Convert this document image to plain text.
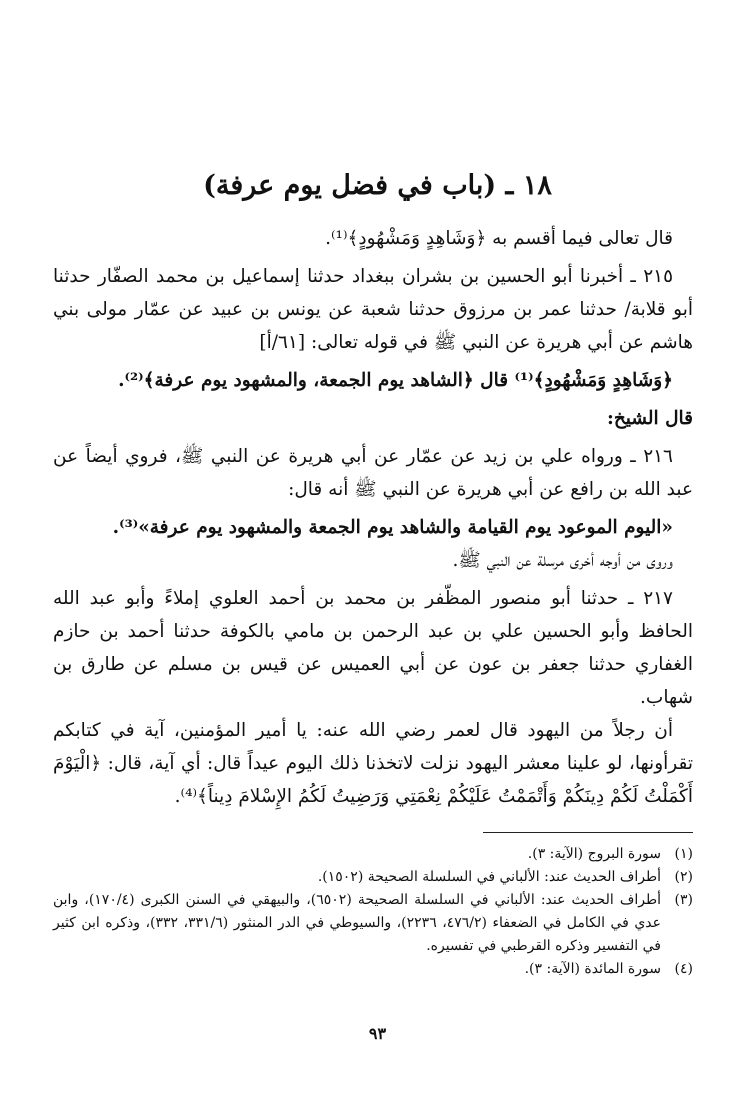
١٨ ـ (باب في فضل يوم عرفة)

قال تعالى فيما أقسم به ﴿وَشَاهِدٍ وَمَشْهُودٍ﴾⁽¹⁾.

٢١٥ ـ أخبرنا أبو الحسين بن بشران ببغداد حدثنا إسماعيل بن محمد الصفّار حدثنا أبو قلابة/ حدثنا عمر بن مرزوق حدثنا شعبة عن يونس بن عبيد عن عمّار مولى بني هاشم عن أبي هريرة عن النبي ﷺ في قوله تعالى: [٦١/أ]

﴿وَشَاهِدٍ وَمَشْهُودٍ﴾⁽¹⁾ قال ﴿الشاهد يوم الجمعة، والمشهود يوم عرفة﴾⁽²⁾.

قال الشيخ:

٢١٦ ـ ورواه علي بن زيد عن عمّار عن أبي هريرة عن النبي ﷺ، فروي أيضاً عن عبد الله بن رافع عن أبي هريرة عن النبي ﷺ أنه قال:

«اليوم الموعود يوم القيامة والشاهد يوم الجمعة والمشهود يوم عرفة»⁽³⁾.

وروى من أوجه أخرى مرسلة عن النبي ﷺ.

٢١٧ ـ حدثنا أبو منصور المظّفر بن محمد بن أحمد العلوي إملاءً وأبو عبد الله الحافظ وأبو الحسين علي بن عبد الرحمن بن مامي بالكوفة حدثنا أحمد بن حازم الغفاري حدثنا جعفر بن عون عن أبي العميس عن قيس بن مسلم عن طارق بن شهاب.

أن رجلاً من اليهود قال لعمر رضي الله عنه: يا أمير المؤمنين، آية في كتابكم تقرأونها، لو علينا معشر اليهود نزلت لاتخذنا ذلك اليوم عيداً قال: أي آية، قال: ﴿الْيَوْمَ أَكْمَلْتُ لَكُمْ دِينَكُمْ وَأَتْمَمْتُ عَلَيْكُمْ نِعْمَتِي وَرَضِيتُ لَكُمُ الإِسْلامَ دِيناً﴾⁽⁴⁾.

(١)
سورة البروج (الآية: ٣).
(٢)
أطراف الحديث عند: الألباني في السلسلة الصحيحة (١٥٠٢).
(٣)
أطراف الحديث عند: الألباني في السلسلة الصحيحة (٦٥٠٢)، والبيهقي في السنن الكبرى (١٧٠/٤)، وابن عدي في الكامل في الضعفاء (٤٧٦/٢، ٢٢٣٦)، والسيوطي في الدر المنثور (٣٣١/٦، ٣٣٢)، وذكره ابن كثير في التفسير وذكره القرطبي في تفسيره.
(٤)
سورة المائدة (الآية: ٣).
٩٣
